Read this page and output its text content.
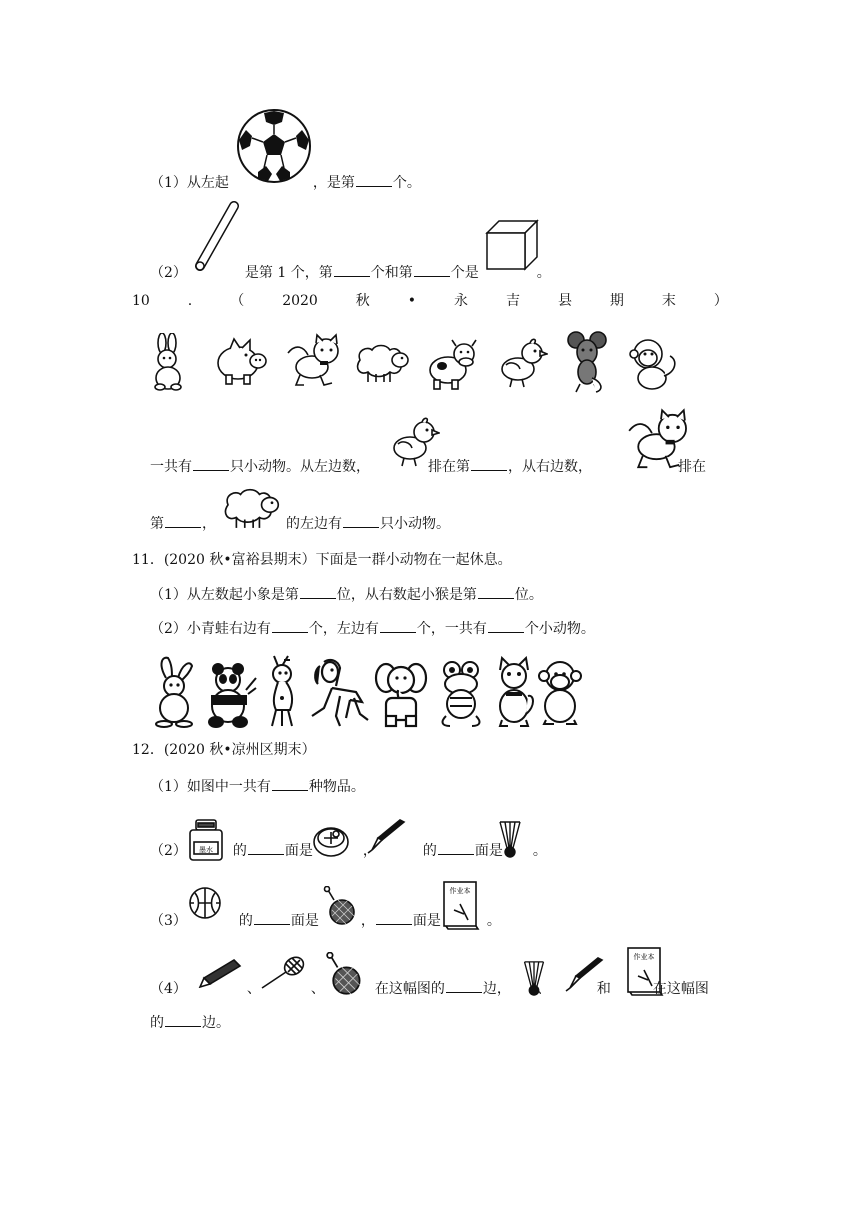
（1）从左起	，是第	个。
（2）	是第 1 个，第	个和第	个是	。
10	.	（	2020	秋	•	永	吉	县	期	末	）
一共有	只小动物。从左边数，	排在第	，从右边数，	排在
第	，	的左边有	只小动物。
11．(2020 秋•富裕县期末）下面是一群小动物在一起休息。
（1）从左数起小象是第	位，从右数起小猴是第	位。
（2）小青蛙右边有	个，左边有	个，一共有	个小动物。
12．(2020 秋•凉州区期末）
（1）如图中一共有	种物品。
墨水
（2）	的	面是	，	的	面是 。
作业本
（3）	的	面是	，	面是	。
作业本
（4）	、	、	在这幅图的	边， 、	和	在这幅图
的	边。
